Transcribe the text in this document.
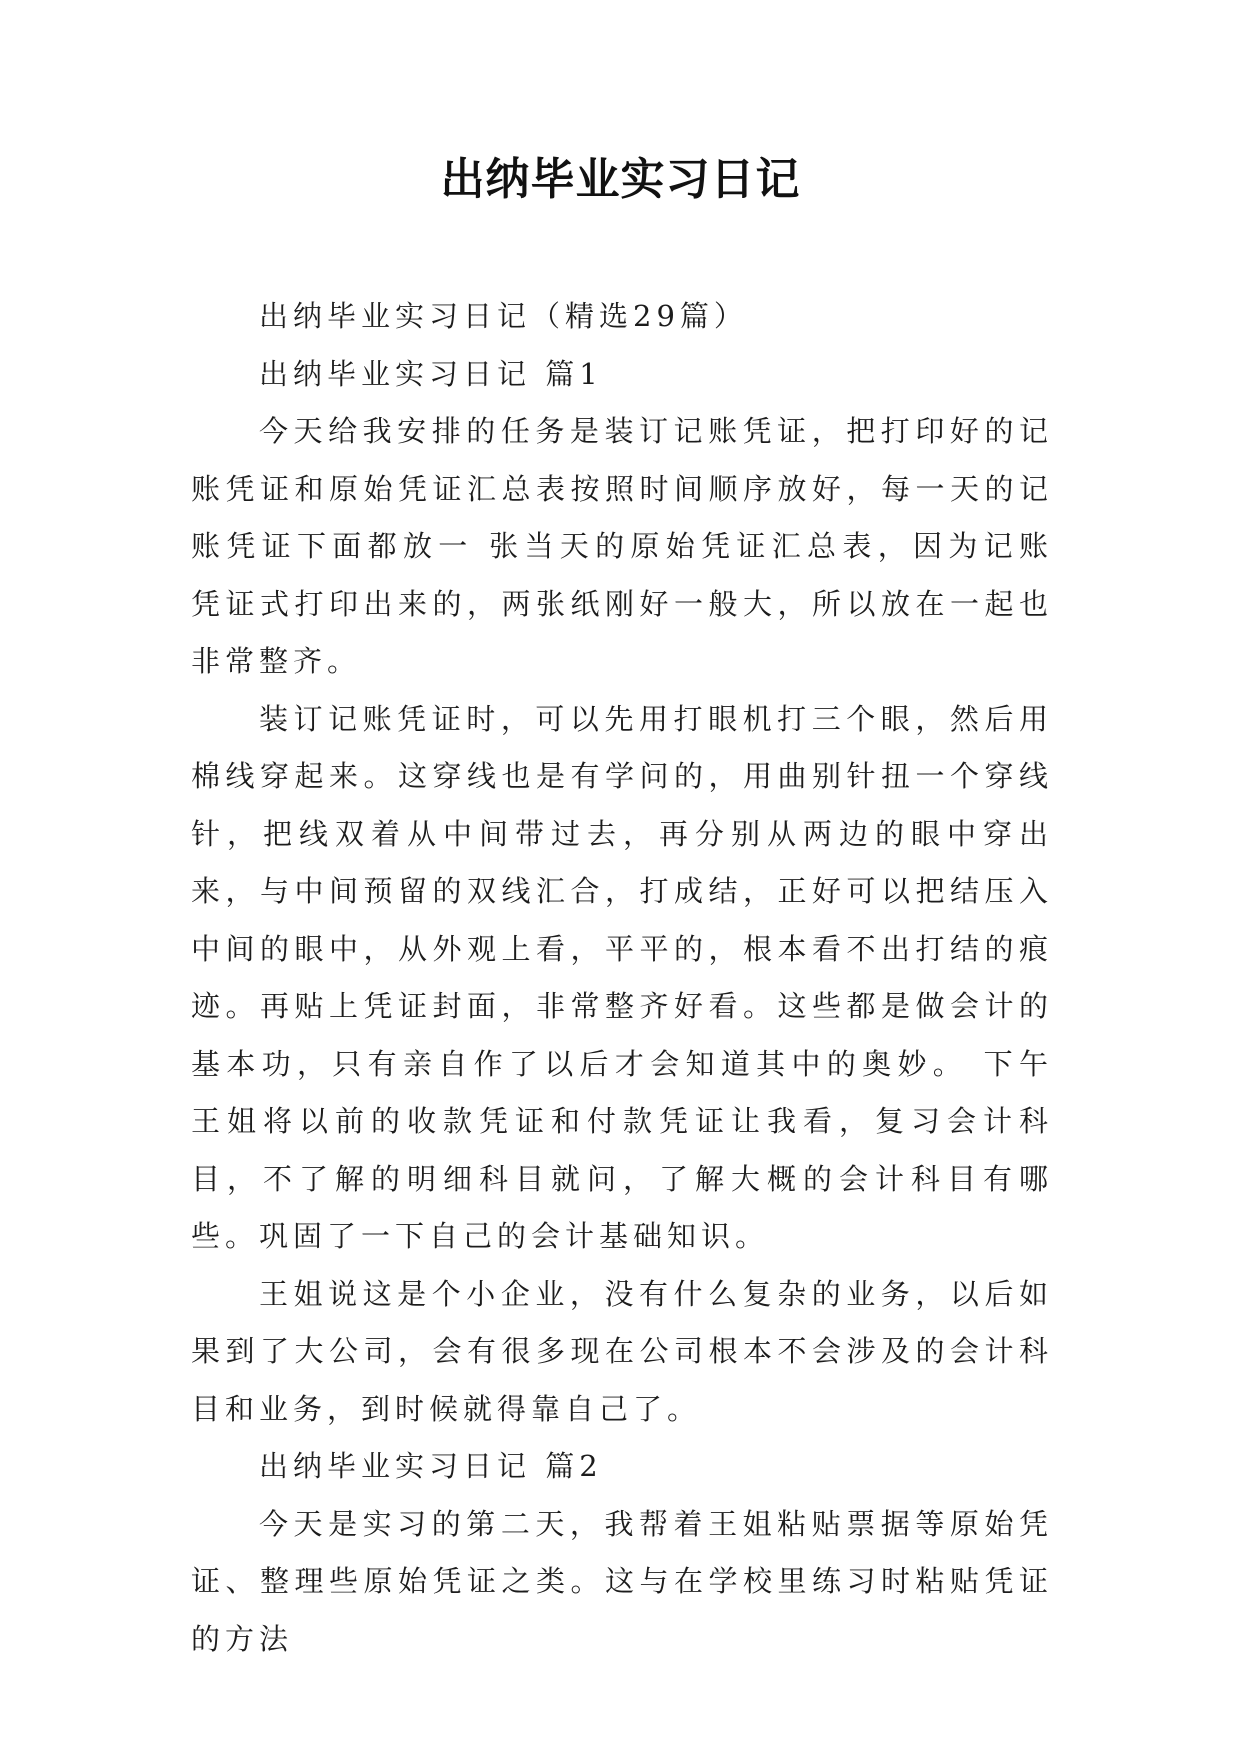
出纳毕业实习日记

出纳毕业实习日记（精选29篇）

出纳毕业实习日记 篇1

今天给我安排的任务是装订记账凭证，把打印好的记账凭证和原始凭证汇总表按照时间顺序放好，每一天的记账凭证下面都放一 张当天的原始凭证汇总表，因为记账凭证式打印出来的，两张纸刚好一般大，所以放在一起也非常整齐。

装订记账凭证时，可以先用打眼机打三个眼，然后用棉线穿起来。这穿线也是有学问的，用曲别针扭一个穿线针，把线双着从中间带过去，再分别从两边的眼中穿出来，与中间预留的双线汇合，打成结，正好可以把结压入中间的眼中，从外观上看，平平的，根本看不出打结的痕迹。再贴上凭证封面，非常整齐好看。这些都是做会计的基本功，只有亲自作了以后才会知道其中的奥妙。 下午王姐将以前的收款凭证和付款凭证让我看，复习会计科目，不了解的明细科目就问，了解大概的会计科目有哪些。巩固了一下自己的会计基础知识。

王姐说这是个小企业，没有什么复杂的业务，以后如果到了大公司，会有很多现在公司根本不会涉及的会计科目和业务，到时候就得靠自己了。

出纳毕业实习日记 篇2

今天是实习的第二天，我帮着王姐粘贴票据等原始凭证、整理些原始凭证之类。这与在学校里练习时粘贴凭证的方法
